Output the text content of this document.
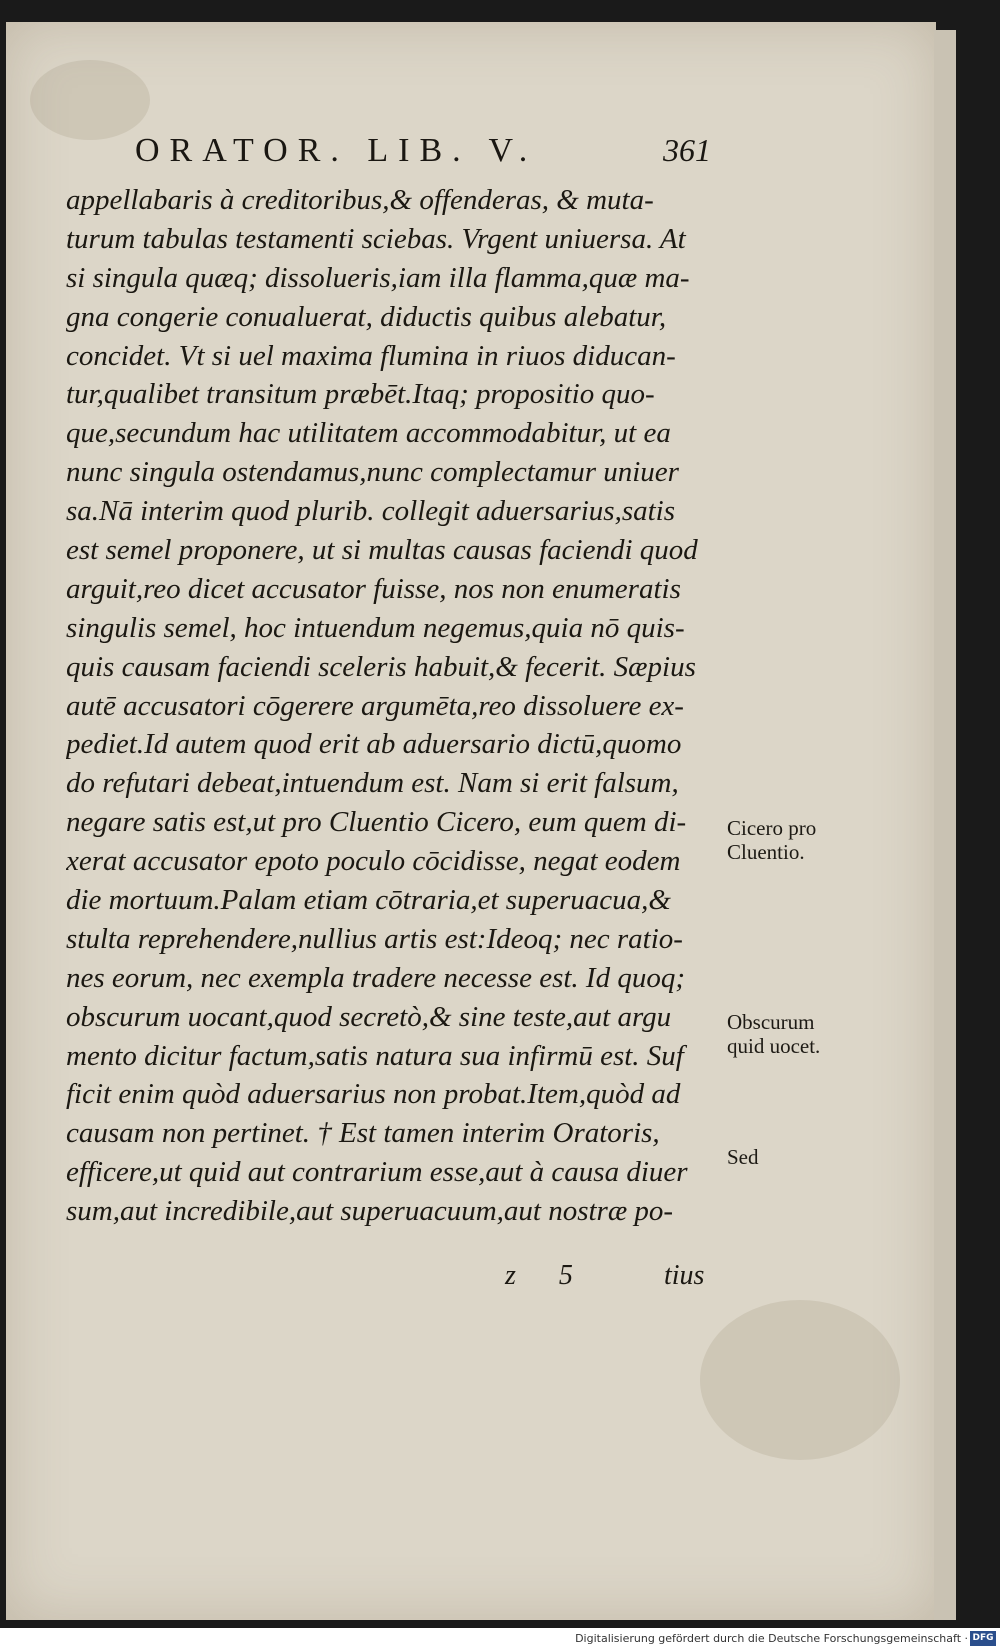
ORATOR. LIB. V.	361
appellabaris à creditoribus,& offenderas, & muta-
turum tabulas testamenti sciebas. Vrgent uniuersa. At
si singula quæq; dissolueris,iam illa flamma,quæ ma-
gna congerie conualuerat, diductis quibus alebatur,
concidet. Vt si uel maxima flumina in riuos diducan-
tur,qualibet transitum præbēt.Itaq; propositio quo-
que,secundum hac utilitatem accommodabitur, ut ea
nunc singula ostendamus,nunc complectamur uniuer
sa.Nā interim quod plurib. collegit aduersarius,satis
est semel proponere, ut si multas causas faciendi quod
arguit,reo dicet accusator fuisse, nos non enumeratis
singulis semel, hoc intuendum negemus,quia nō quis-
quis causam faciendi sceleris habuit,& fecerit. Sæpius
autē accusatori cōgerere argumēta,reo dissoluere ex-
pediet.Id autem quod erit ab aduersario dictū,quomo
do refutari debeat,intuendum est. Nam si erit falsum,
negare satis est,ut pro Cluentio Cicero, eum quem di-
xerat accusator epoto poculo cōcidisse, negat eodem
die mortuum.Palam etiam cōtraria,et superuacua,&
stulta reprehendere,nullius artis est:Ideoq; nec ratio-
nes eorum, nec exempla tradere necesse est. Id quoq;
obscurum uocant,quod secretò,& sine teste,aut argu
mento dicitur factum,satis natura sua infirmū est. Suf
ficit enim quòd aduersarius non probat.Item,quòd ad
causam non pertinet. † Est tamen interim Oratoris,
efficere,ut quid aut contrarium esse,aut à causa diuer
sum,aut incredibile,aut superuacuum,aut nostræ po-
Cicero pro
Cluentio.
Obscurum
quid uocet.
Sed
z 5	tius
Digitalisierung gefördert durch die Deutsche Forschungsgemeinschaft · DFG
